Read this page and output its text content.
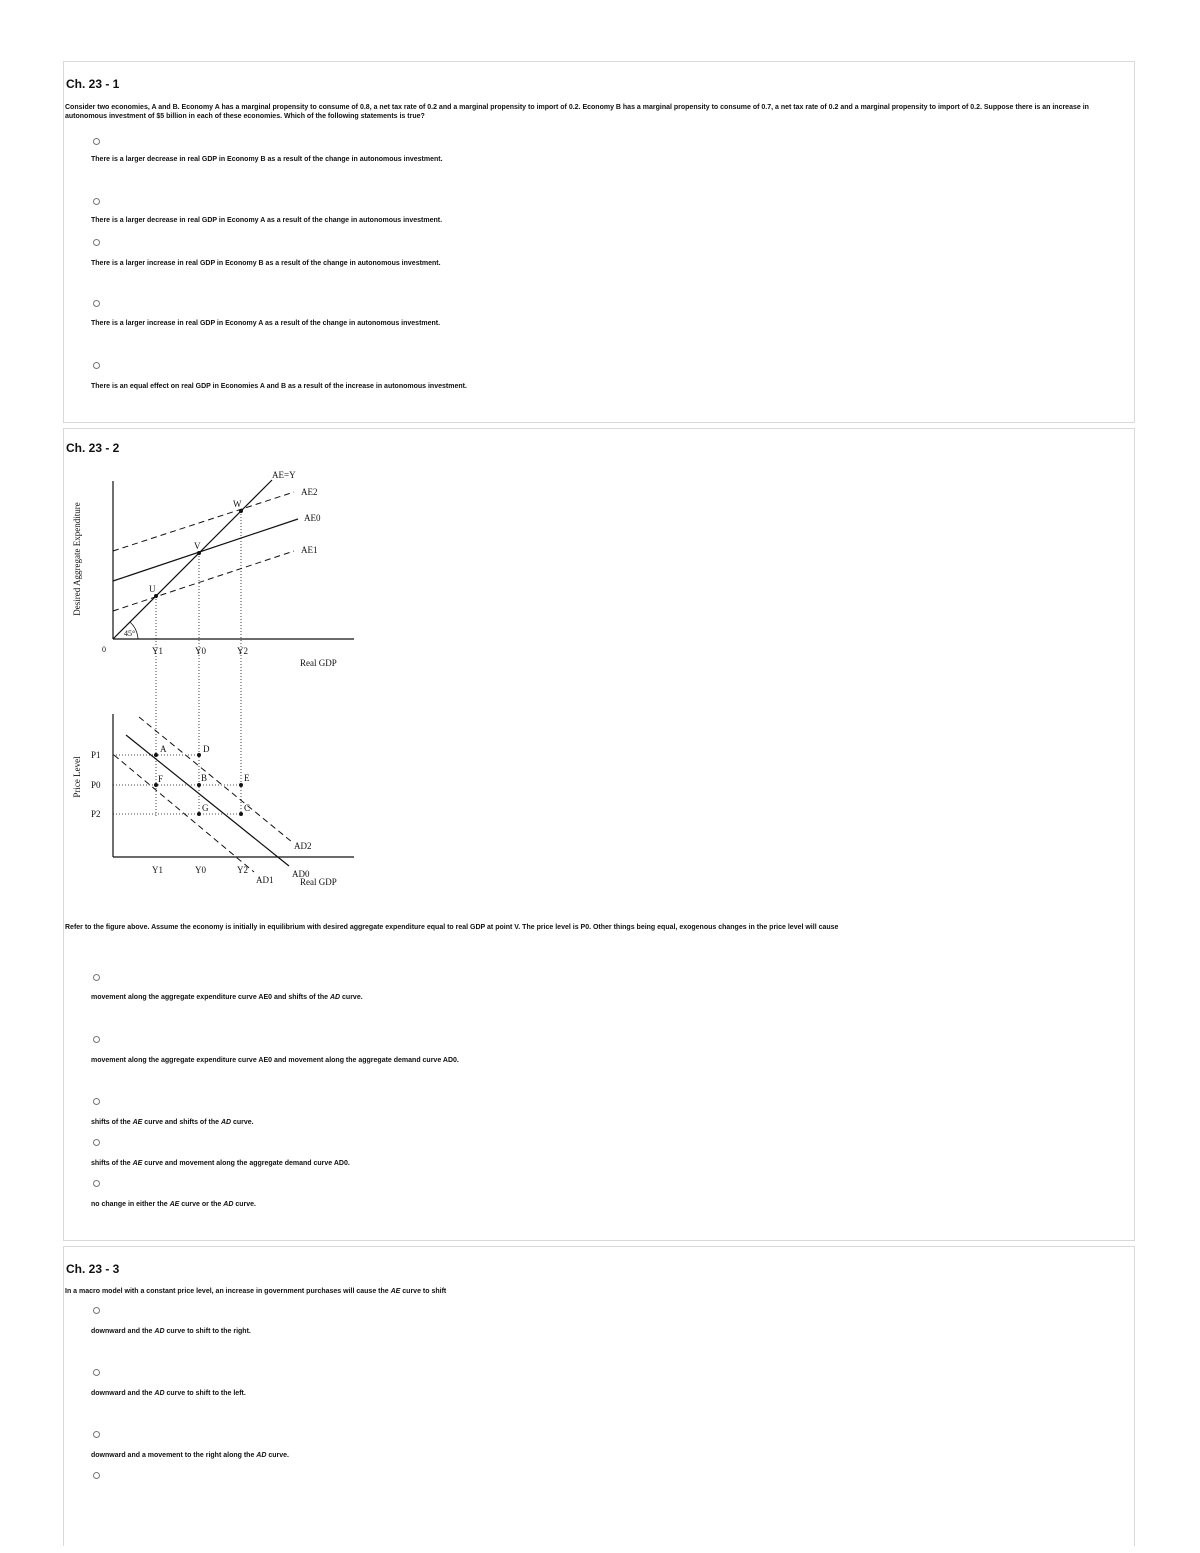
Ch. 23 - 1

Consider two economies, A and B. Economy A has a marginal propensity to consume of 0.8, a net tax rate of 0.2 and a marginal propensity to import of 0.2. Economy B has a marginal propensity to consume of 0.7, a net tax rate of 0.2 and a marginal propensity to import of 0.2. Suppose there is an increase in autonomous investment of $5 billion in each of these economies. Which of the following statements is true?

There is a larger decrease in real GDP in Economy B as a result of the change in autonomous investment.

There is a larger decrease in real GDP in Economy A as a result of the change in autonomous investment.

There is a larger increase in real GDP in Economy B as a result of the change in autonomous investment.

There is a larger increase in real GDP in Economy A as a result of the change in autonomous investment.

There is an equal effect on real GDP in Economies A and B as a result of the increase in autonomous investment.

Ch. 23 - 2

Desired Aggregate Expenditure
0
45°
AE=Y
AE2
AE0
AE1
W
V
U
Y1	Y0	Y2
Real GDP
Price Level
P1
P0
P2
AD2
AD1
AD0
A	D
F	B	E
G	C
Y1	Y0	Y2
Real GDP

Refer to the figure above. Assume the economy is initially in equilibrium with desired aggregate expenditure equal to real GDP at point V. The price level is P0. Other things being equal, exogenous changes in the price level will cause

movement along the aggregate expenditure curve AE0 and shifts of the AD curve.

movement along the aggregate expenditure curve AE0 and movement along the aggregate demand curve AD0.

shifts of the AE curve and shifts of the AD curve.

shifts of the AE curve and movement along the aggregate demand curve AD0.

no change in either the AE curve or the AD curve.

Ch. 23 - 3

In a macro model with a constant price level, an increase in government purchases will cause the AE curve to shift

downward and the AD curve to shift to the right.

downward and the AD curve to shift to the left.

downward and a movement to the right along the AD curve.
